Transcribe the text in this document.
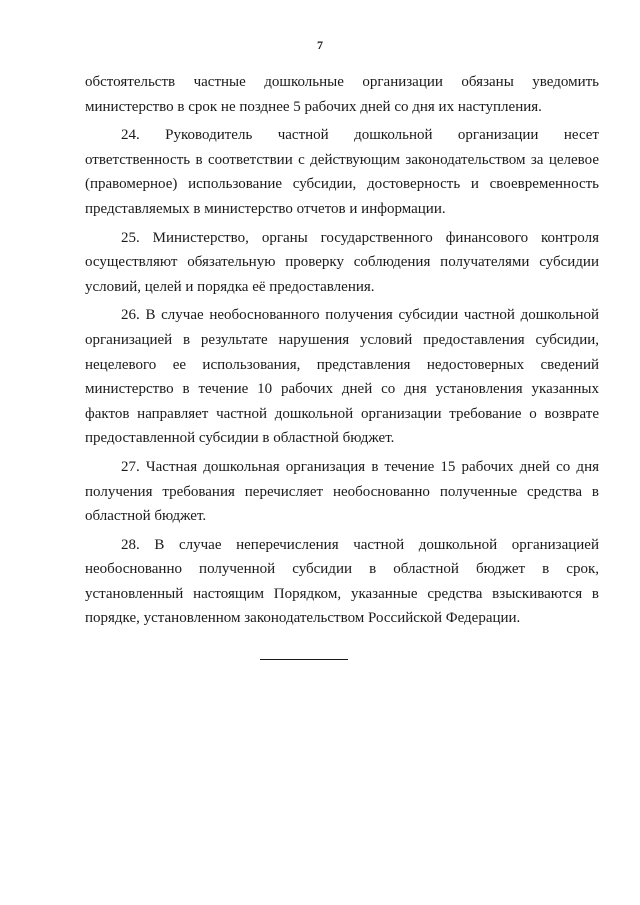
7

обстоятельств частные дошкольные организации обязаны уведомить министерство в срок не позднее 5 рабочих дней со дня их наступления.

24. Руководитель частной дошкольной организации несет ответственность в соответствии с действующим законодательством за целевое (правомерное) использование субсидии, достоверность и своевременность представляемых в министерство отчетов и информации.

25. Министерство, органы государственного финансового контроля осуществляют обязательную проверку соблюдения получателями субсидии условий, целей и порядка её предоставления.

26. В случае необоснованного получения субсидии частной дошкольной организацией в результате нарушения условий предоставления субсидии, нецелевого ее использования, представления недостоверных сведений министерство в течение 10 рабочих дней со дня установления указанных фактов направляет частной дошкольной организации требование о возврате предоставленной субсидии в областной бюджет.

27. Частная дошкольная организация в течение 15 рабочих дней со дня получения требования перечисляет необоснованно полученные средства в областной бюджет.

28. В случае неперечисления частной дошкольной организацией необоснованно полученной субсидии в областной бюджет в срок, установленный настоящим Порядком, указанные средства взыскиваются в порядке, установленном законодательством Российской Федерации.
